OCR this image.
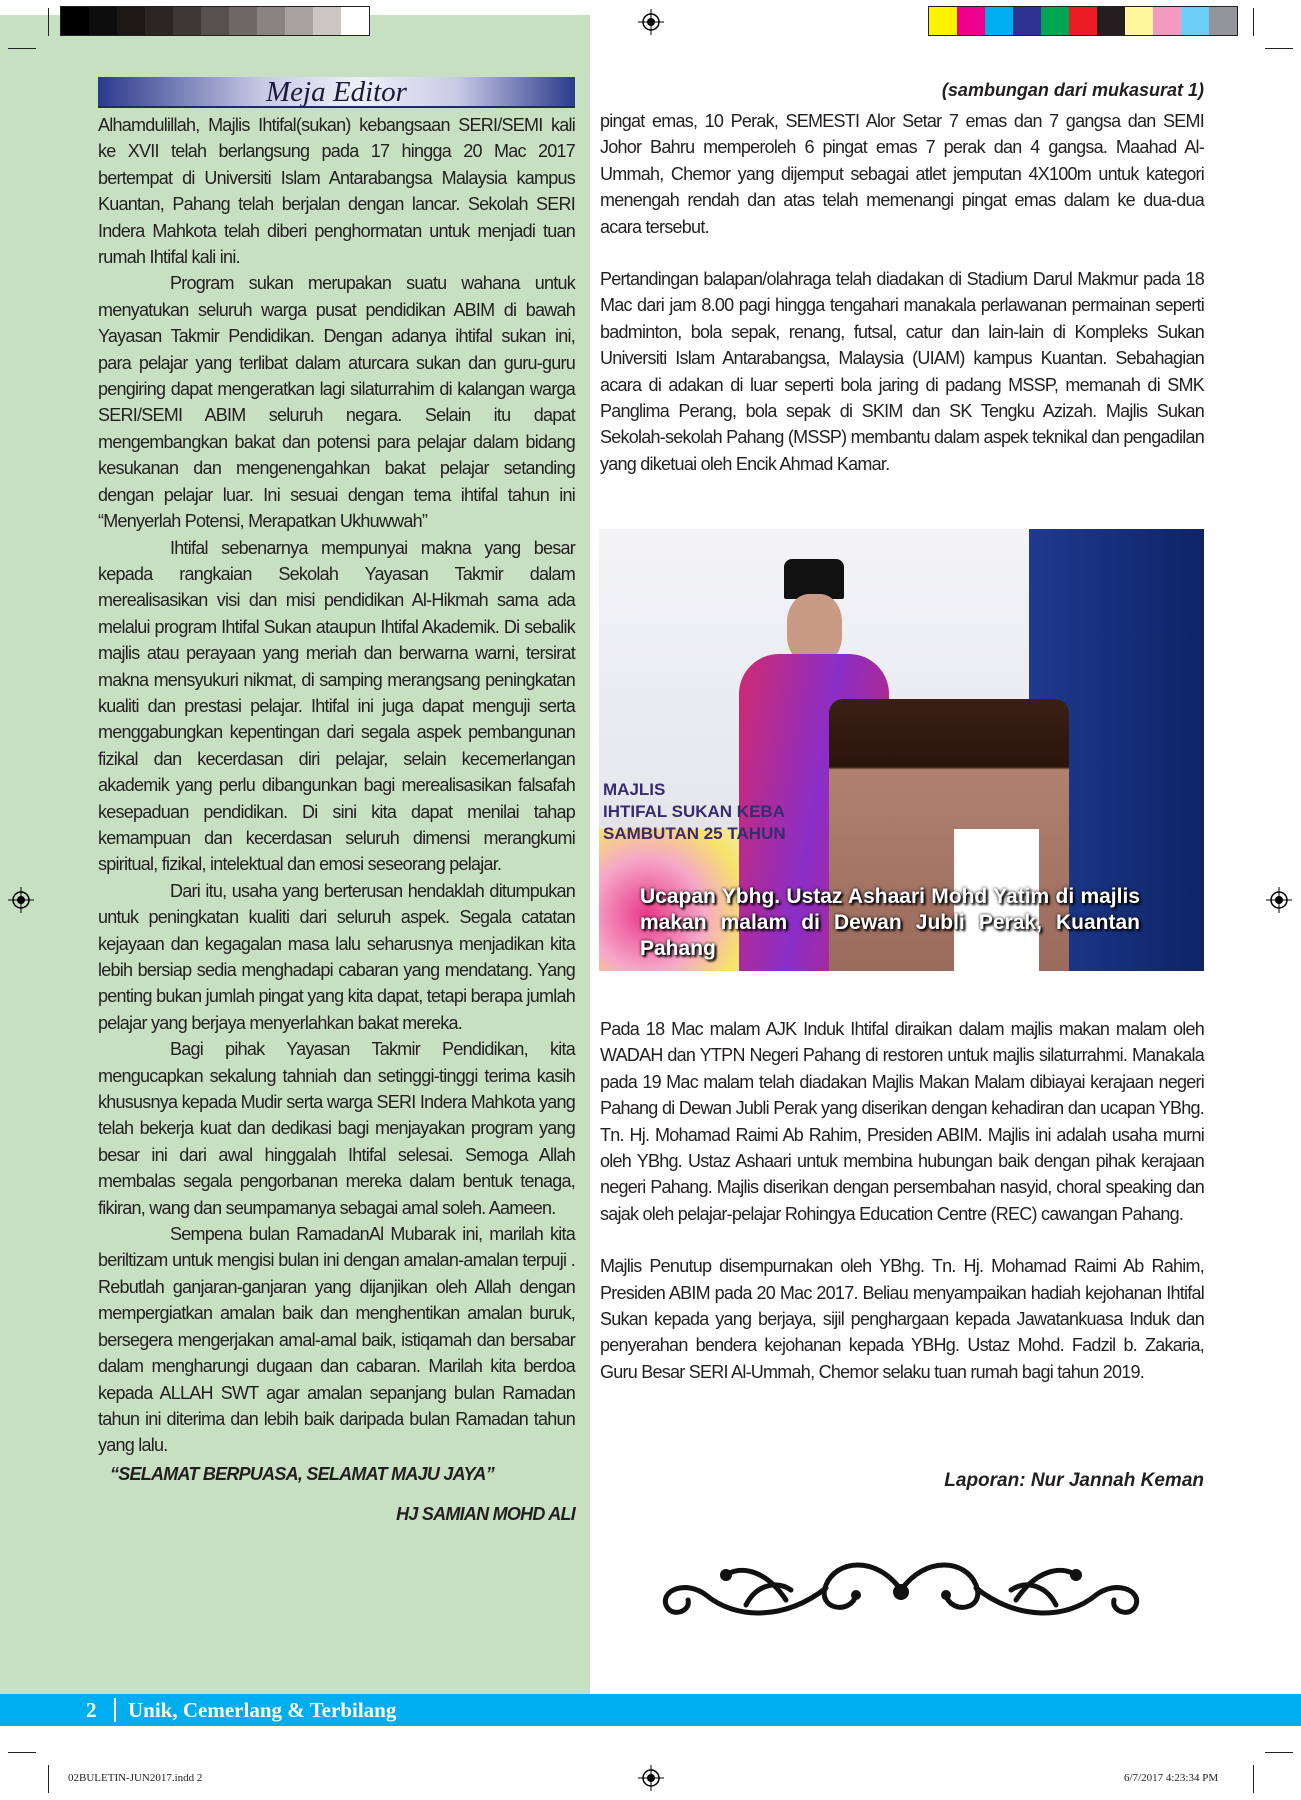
Meja Editor
2 Unik, Cemerlang & Terbilang
MAJLIS
IHTIFAL SUKAN KEBA
SAMBUTAN 25 TAHUN
Ucapan Ybhg. Ustaz Ashaari Mohd Yatim di majlis makan malam di Dewan Jubli Perak, Kuantan Pahang

Alhamdulillah, Majlis Ihtifal(sukan) kebangsaan SERI/SEMI kali ke XVII telah berlangsung pada 17 hingga 20 Mac 2017 bertempat di Universiti Islam Antarabangsa Malaysia kampus Kuantan, Pahang telah berjalan dengan lancar. Sekolah SERI Indera Mahkota telah diberi penghormatan untuk menjadi tuan rumah Ihtifal kali ini.

Program sukan merupakan suatu wahana untuk menyatukan seluruh warga pusat pendidikan ABIM di bawah Yayasan Takmir Pendidikan. Dengan adanya ihtifal sukan ini, para pelajar yang terlibat dalam aturcara sukan dan guru-guru pengiring dapat mengeratkan lagi silaturrahim di kalangan warga SERI/SEMI ABIM seluruh negara. Selain itu dapat mengembangkan bakat dan potensi para pelajar dalam bidang kesukanan dan mengenengahkan bakat pelajar setanding dengan pelajar luar. Ini sesuai dengan tema ihtifal tahun ini “Menyerlah Potensi, Merapatkan Ukhuwwah”

Ihtifal sebenarnya mempunyai makna yang besar kepada rangkaian Sekolah Yayasan Takmir dalam merealisasikan visi dan misi pendidikan Al-Hikmah sama ada melalui program Ihtifal Sukan ataupun Ihtifal Akademik. Di sebalik majlis atau perayaan yang meriah dan berwarna warni, tersirat makna mensyukuri nikmat, di samping merangsang peningkatan kualiti dan prestasi pelajar. Ihtifal ini juga dapat menguji serta menggabungkan kepentingan dari segala aspek pembangunan fizikal dan kecerdasan diri pelajar, selain kecemerlangan akademik yang perlu dibangunkan bagi merealisasikan falsafah kesepaduan pendidikan. Di sini kita dapat menilai tahap kemampuan dan kecerdasan seluruh dimensi merangkumi spiritual, fizikal, intelektual dan emosi seseorang pelajar.

Dari itu, usaha yang berterusan hendaklah ditumpukan untuk peningkatan kualiti dari seluruh aspek. Segala catatan kejayaan dan kegagalan masa lalu seharusnya menjadikan kita lebih bersiap sedia menghadapi cabaran yang mendatang. Yang penting bukan jumlah pingat yang kita dapat, tetapi berapa jumlah pelajar yang berjaya menyerlahkan bakat mereka.

Bagi pihak Yayasan Takmir Pendidikan, kita mengucapkan sekalung tahniah dan setinggi-tinggi terima kasih khususnya kepada Mudir serta warga SERI Indera Mahkota yang telah bekerja kuat dan dedikasi bagi menjayakan program yang besar ini dari awal hinggalah Ihtifal selesai. Semoga Allah membalas segala pengorbanan mereka dalam bentuk tenaga, fikiran, wang dan seumpamanya sebagai amal soleh. Aameen.

Sempena bulan RamadanAl Mubarak ini, marilah kita beriltizam untuk mengisi bulan ini dengan amalan-amalan terpuji . Rebutlah ganjaran-ganjaran yang dijanjikan oleh Allah dengan mempergiatkan amalan baik dan menghentikan amalan buruk, bersegera mengerjakan amal-amal baik, istiqamah dan bersabar dalam mengharungi dugaan dan cabaran. Marilah kita berdoa kepada ALLAH SWT agar amalan sepanjang bulan Ramadan tahun ini diterima dan lebih baik daripada bulan Ramadan tahun yang lalu.

“SELAMAT BERPUASA, SELAMAT MAJU JAYA”

HJ SAMIAN MOHD ALI

(sambungan dari mukasurat 1)

pingat emas, 10 Perak, SEMESTI Alor Setar 7 emas dan 7 gangsa dan SEMI Johor Bahru memperoleh 6 pingat emas 7 perak dan 4 gangsa. Maahad Al-Ummah, Chemor yang dijemput sebagai atlet jemputan 4X100m untuk kategori menengah rendah dan atas telah memenangi pingat emas dalam ke dua-dua acara tersebut.

Pertandingan balapan/olahraga telah diadakan di Stadium Darul Makmur pada 18 Mac dari jam 8.00 pagi hingga tengahari manakala perlawanan permainan seperti badminton, bola sepak, renang, futsal, catur dan lain-lain di Kompleks Sukan Universiti Islam Antarabangsa, Malaysia (UIAM) kampus Kuantan. Sebahagian acara di adakan di luar seperti bola jaring di padang MSSP, memanah di SMK Panglima Perang, bola sepak di SKIM dan SK Tengku Azizah. Majlis Sukan Sekolah-sekolah Pahang (MSSP) membantu dalam aspek teknikal dan pengadilan yang diketuai oleh Encik Ahmad Kamar.

Pada 18 Mac malam AJK Induk Ihtifal diraikan dalam majlis makan malam oleh WADAH dan YTPN Negeri Pahang di restoren untuk majlis silaturrahmi. Manakala pada 19 Mac malam telah diadakan Majlis Makan Malam dibiayai kerajaan negeri Pahang di Dewan Jubli Perak yang diserikan dengan kehadiran dan ucapan YBhg. Tn. Hj. Mohamad Raimi Ab Rahim, Presiden ABIM. Majlis ini adalah usaha murni oleh YBhg. Ustaz Ashaari untuk membina hubungan baik dengan pihak kerajaan negeri Pahang. Majlis diserikan dengan persembahan nasyid, choral speaking dan sajak oleh pelajar-pelajar Rohingya Education Centre (REC) cawangan Pahang.

Majlis Penutup disempurnakan oleh YBhg. Tn. Hj. Mohamad Raimi Ab Rahim, Presiden ABIM pada 20 Mac 2017. Beliau menyampaikan hadiah kejohanan Ihtifal Sukan kepada yang berjaya, sijil penghargaan kepada Jawatankuasa Induk dan penyerahan bendera kejohanan kepada YBHg. Ustaz Mohd. Fadzil b. Zakaria, Guru Besar SERI Al-Ummah, Chemor selaku tuan rumah bagi tahun 2019.

Laporan: Nur Jannah Keman
02BULETIN-JUN2017.indd 2	6/7/2017 4:23:34 PM
